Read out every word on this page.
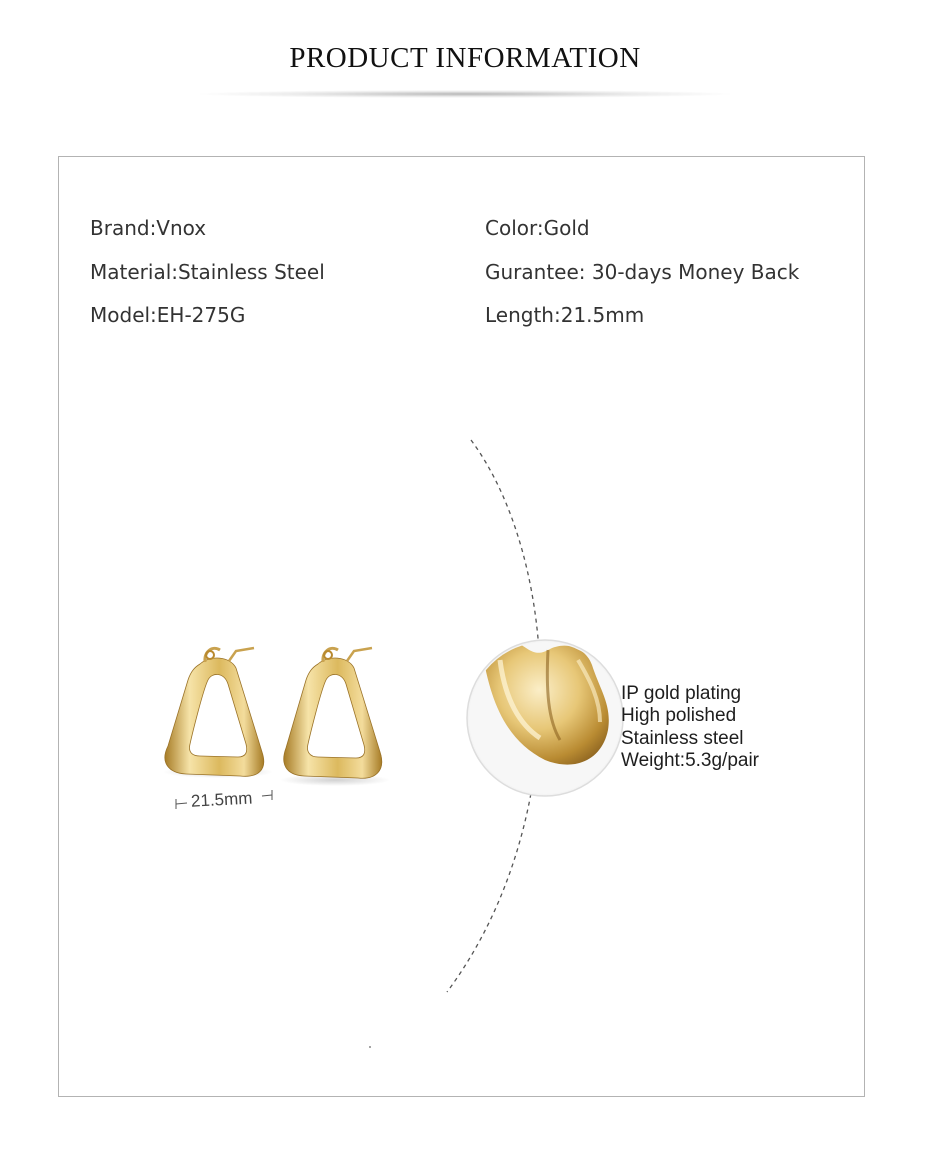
PRODUCT INFORMATION
Brand:Vnox
Material:Stainless Steel
Model:EH-275G
Color:Gold
Gurantee: 30-days Money Back
Length:21.5mm
21.5mm
IP gold plating
High polished
Stainless steel
Weight:5.3g/pair
